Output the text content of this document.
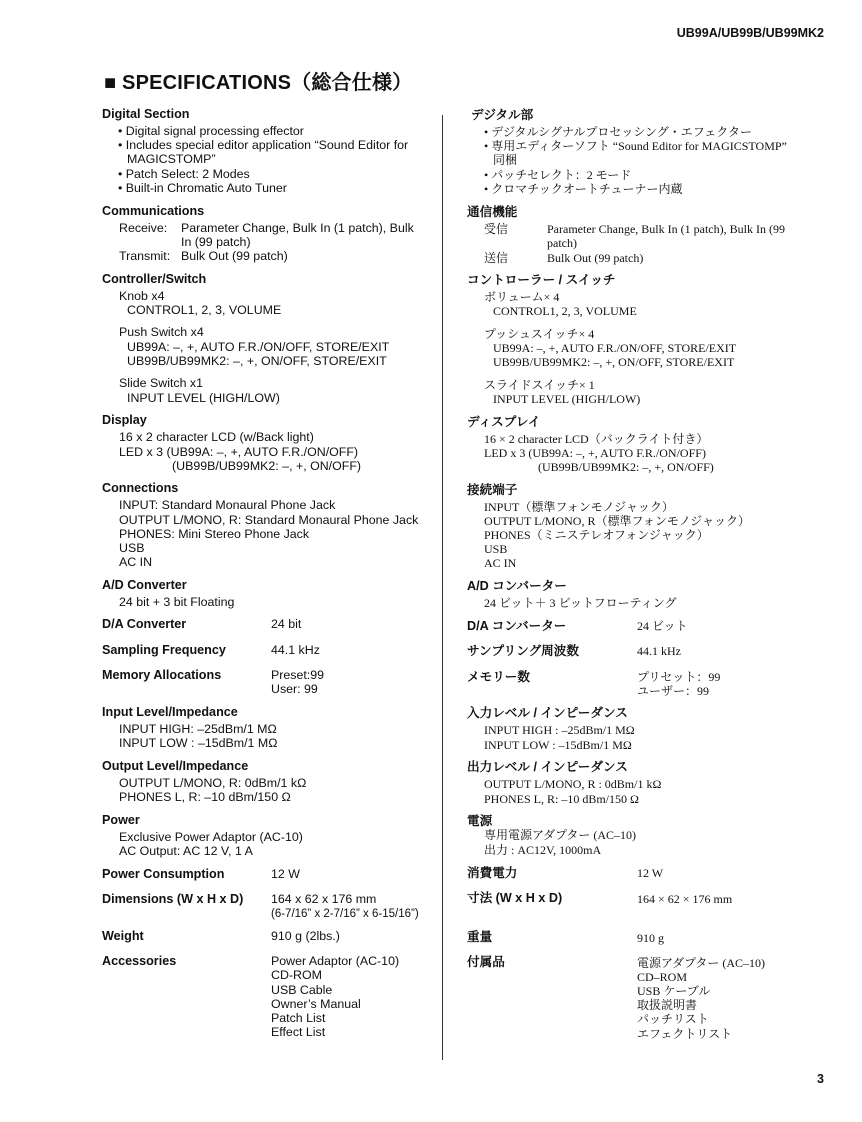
UB99A/UB99B/UB99MK2
■ SPECIFICATIONS（総合仕様）
Digital Section
• Digital signal processing effector
• Includes special editor application “Sound Editor for
MAGICSTOMP”
• Patch Select: 2 Modes
• Built-in Chromatic Auto Tuner
Communications
Receive: Parameter Change, Bulk In (1 patch), Bulk
In (99 patch)
Transmit: Bulk Out (99 patch)
Controller/Switch
Knob x4
CONTROL1, 2, 3, VOLUME
Push Switch x4
UB99A: –, +, AUTO F.R./ON/OFF, STORE/EXIT
UB99B/UB99MK2: –, +, ON/OFF, STORE/EXIT
Slide Switch x1
INPUT LEVEL (HIGH/LOW)
Display
16 x 2 character LCD (w/Back light)
LED x 3 (UB99A: –, +, AUTO F.R./ON/OFF)
(UB99B/UB99MK2: –, +, ON/OFF)
Connections
INPUT: Standard Monaural Phone Jack
OUTPUT L/MONO, R: Standard Monaural Phone Jack
PHONES: Mini Stereo Phone Jack
USB
AC IN
A/D Converter
24 bit + 3 bit Floating
D/A Converter	24 bit
Sampling Frequency	44.1 kHz
Memory Allocations	Preset:99
User: 99
Input Level/Impedance
INPUT HIGH: –25dBm/1 MΩ
INPUT LOW : –15dBm/1 MΩ
Output Level/Impedance
OUTPUT L/MONO, R: 0dBm/1 kΩ
PHONES L, R: –10 dBm/150 Ω
Power
Exclusive Power Adaptor (AC-10)
AC Output: AC 12 V, 1 A
Power Consumption	12 W
Dimensions (W x H x D) 164 x 62 x 176 mm
(6-7/16” x 2-7/16” x 6-15/16”)
Weight	910 g (2lbs.)
Accessories	Power Adaptor (AC-10)
CD-ROM
USB Cable
Owner’s Manual
Patch List
Effect List
デジタル部
• デジタルシグナルプロセッシング・エフェクター
• 専用エディターソフト “Sound Editor for MAGICSTOMP”
同梱
• パッチセレクト：2 モード
• クロマチックオートチューナー内蔵
通信機能
受信	Parameter Change, Bulk In (1 patch), Bulk In (99
patch)
送信	Bulk Out (99 patch)
コントローラー / スイッチ
ボリューム× 4
CONTROL1, 2, 3, VOLUME
プッシュスイッチ× 4
UB99A: –, +, AUTO F.R./ON/OFF, STORE/EXIT
UB99B/UB99MK2: –, +, ON/OFF, STORE/EXIT
スライドスイッチ× 1
INPUT LEVEL (HIGH/LOW)
ディスプレイ
16 × 2 character LCD（バックライト付き）
LED x 3 (UB99A: –, +, AUTO F.R./ON/OFF)
(UB99B/UB99MK2: –, +, ON/OFF)
接続端子
INPUT（標準フォンモノジャック）
OUTPUT L/MONO, R（標準フォンモノジャック）
PHONES（ミニステレオフォンジャック）
USB
AC IN
A/D コンバーター
24 ビット＋ 3 ビットフローティング
D/A コンバーター	24 ビット
サンプリング周波数	44.1 kHz
メモリー数	プリセット：99
ユーザー：99
入力レベル / インピーダンス
INPUT HIGH : –25dBm/1 MΩ
INPUT LOW : –15dBm/1 MΩ
出力レベル / インピーダンス
OUTPUT L/MONO, R : 0dBm/1 kΩ
PHONES L, R: –10 dBm/150 Ω
電源
専用電源アダプター (AC–10)
出力 : AC12V, 1000mA
消費電力	12 W
寸法 (W x H x D)	164 × 62 × 176 mm
重量	910 g
付属品	電源アダプター (AC–10)
CD–ROM
USB ケーブル
取扱説明書
パッチリスト
エフェクトリスト
3
